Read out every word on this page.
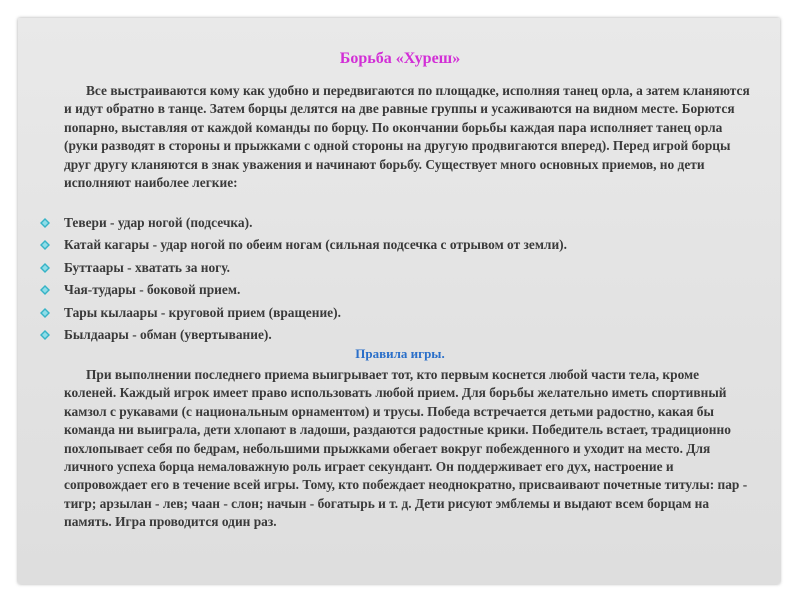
Борьба «Хуреш»

Все выстраиваются кому как удобно и передвигаются по площадке, исполняя танец орла, а затем кланяются и идут обратно в танце. Затем борцы делятся на две равные группы и усаживаются на видном месте. Борются попарно, выставляя от каждой команды по борцу. По окончании борьбы каждая пара исполняет танец орла (руки разводят в стороны и прыжками с одной стороны на другую продвигаются вперед). Перед игрой борцы друг другу кланяются в знак уважения и начинают борьбу. Существует много основных приемов, но дети исполняют наиболее легкие:

Тевери - удар ногой (подсечка).
Катай кагары - удар ногой по обеим ногам (сильная подсечка с отрывом от земли).
Буттаары - хватать за ногу.
Чая-тудары - боковой прием.
Тары кылаары - круговой прием (вращение).
Былдаары - обман (увертывание).
Правила игры.

При выполнении последнего приема выигрывает тот, кто первым коснется любой части тела, кроме коленей. Каждый игрок имеет право использовать любой прием. Для борьбы желательно иметь спортивный камзол с рукавами (с национальным орнаментом) и трусы. Победа встречается детьми радостно, какая бы команда ни выиграла, дети хлопают в ладоши, раздаются радостные крики. Победитель встает, традиционно похлопывает себя по бедрам, небольшими прыжками обегает вокруг побежденного и уходит на место. Для личного успеха борца немаловажную роль играет секундант. Он поддерживает его дух, настроение и сопровождает его в течение всей игры. Тому, кто побеждает неоднократно, присваивают почетные титулы: пар - тигр; арзылан - лев; чаан - слон; начын - богатырь и т. д. Дети рисуют эмблемы и выдают всем борцам на память. Игра проводится один раз.
